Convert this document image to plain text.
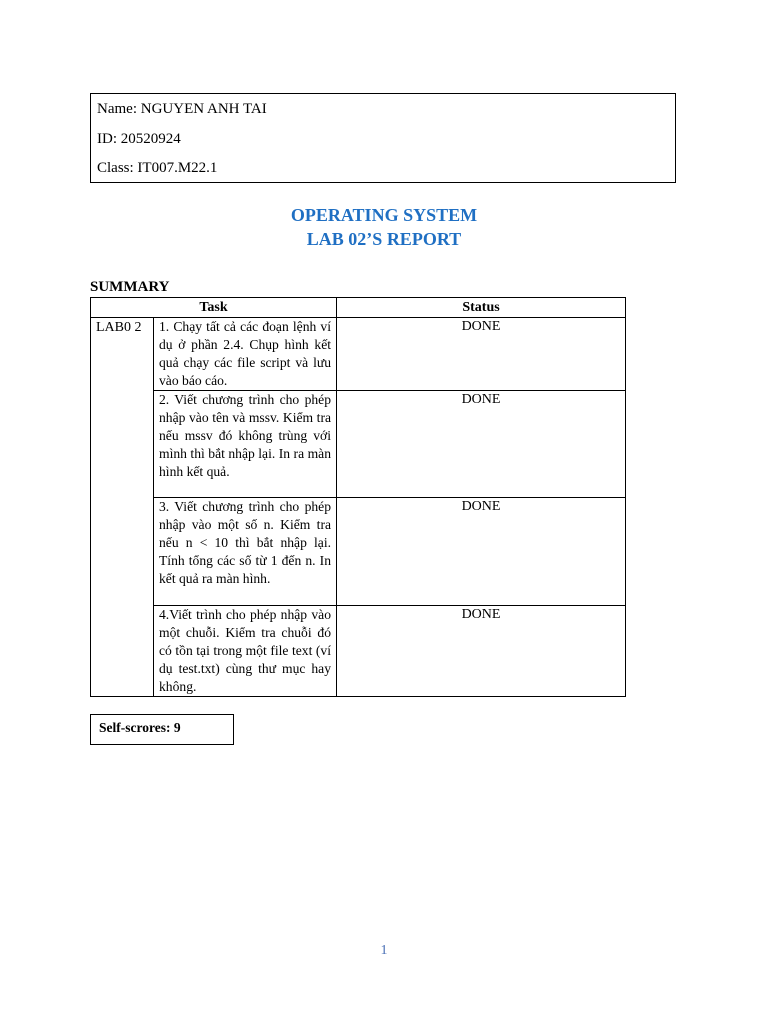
Name: NGUYEN ANH TAI
ID: 20520924
Class: IT007.M22.1
OPERATING SYSTEM
LAB 02’S REPORT
SUMMARY
Task		Status
LAB0 2	1. Chạy tất cả các đoạn lệnh ví dụ ở phần 2.4. Chụp hình kết quả chạy các file script và lưu vào báo cáo.	DONE
	2. Viết chương trình cho phép nhập vào tên và mssv. Kiểm tra nếu mssv đó không trùng với mình thì bắt nhập lại. In ra màn hình kết quả.	DONE
	3. Viết chương trình cho phép nhập vào một số n. Kiểm tra nếu n < 10 thì bắt nhập lại. Tính tổng các số từ 1 đến n. In kết quả ra màn hình.	DONE
	4.Viết trình cho phép nhập vào một chuỗi. Kiểm tra chuỗi đó có tồn tại trong một file text (ví dụ test.txt) cùng thư mục hay không.	DONE
Self-scrores: 9
1
